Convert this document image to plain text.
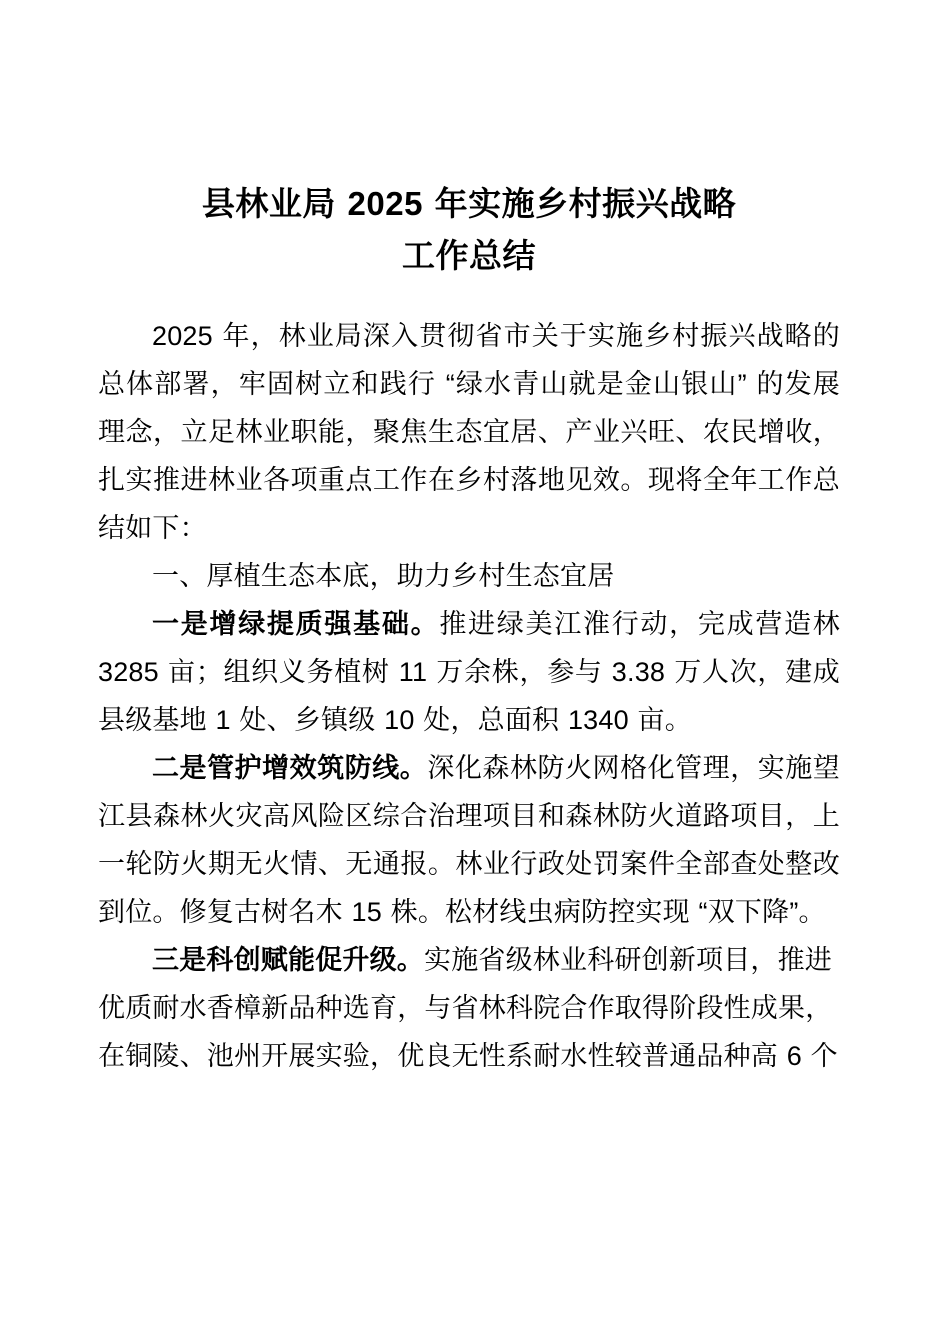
县林业局 2025 年实施乡村振兴战略
工作总结

2025 年，林业局深入贯彻省市关于实施乡村振兴战略的总体部署，牢固树立和践行 “绿水青山就是金山银山” 的发展理念，立足林业职能，聚焦生态宜居、产业兴旺、农民增收，扎实推进林业各项重点工作在乡村落地见效。现将全年工作总结如下：

一、厚植生态本底，助力乡村生态宜居

一是增绿提质强基础。推进绿美江淮行动，完成营造林 3285 亩；组织义务植树 11 万余株，参与 3.38 万人次，建成县级基地 1 处、乡镇级 10 处，总面积 1340 亩。

二是管护增效筑防线。深化森林防火网格化管理，实施望江县森林火灾高风险区综合治理项目和森林防火道路项目，上一轮防火期无火情、无通报。林业行政处罚案件全部查处整改到位。修复古树名木 15 株。松材线虫病防控实现 “双下降”。

三是科创赋能促升级。实施省级林业科研创新项目，推进优质耐水香樟新品种选育，与省林科院合作取得阶段性成果，在铜陵、池州开展实验，优良无性系耐水性较普通品种高 6 个
